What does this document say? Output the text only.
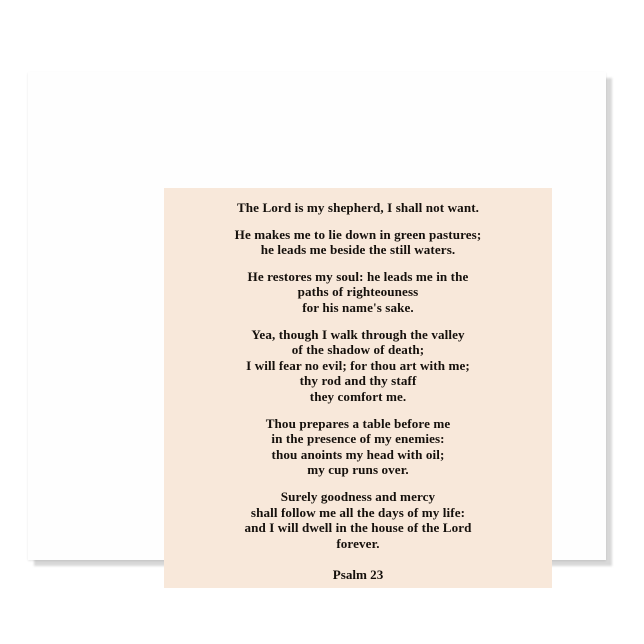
The Lord is my shepherd, I shall not want.
He makes me to lie down in green pastures;
he leads me beside the still waters.
He restores my soul: he leads me in the
paths of righteouness
for his name's sake.
Yea, though I walk through the valley
of the shadow of death;
I will fear no evil; for thou art with me;
thy rod and thy staff
they comfort me.
Thou prepares a table before me
in the presence of my enemies:
thou anoints my head with oil;
my cup runs over.
Surely goodness and mercy
shall follow me all the days of my life:
and I will dwell in the house of the Lord
forever.
Psalm 23
